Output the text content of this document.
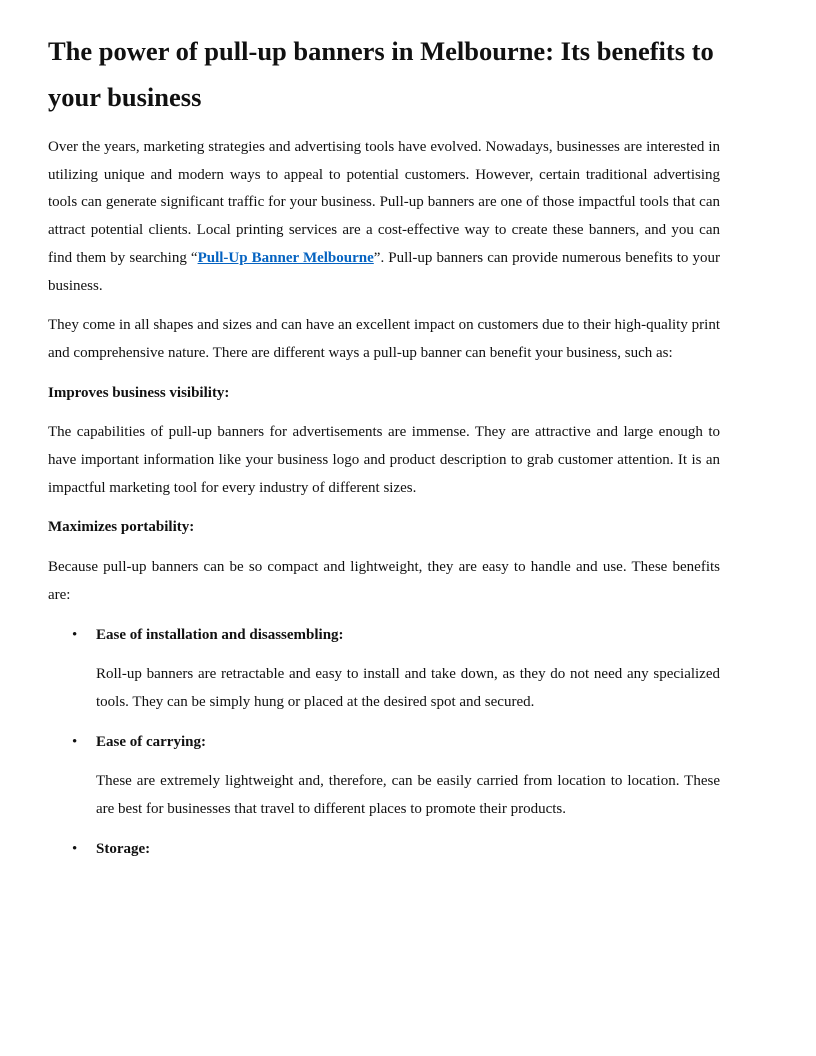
The power of pull-up banners in Melbourne: Its benefits to your business

Over the years, marketing strategies and advertising tools have evolved. Nowadays, businesses are interested in utilizing unique and modern ways to appeal to potential customers. However, certain traditional advertising tools can generate significant traffic for your business. Pull-up banners are one of those impactful tools that can attract potential clients. Local printing services are a cost-effective way to create these banners, and you can find them by searching “Pull-Up Banner Melbourne”. Pull-up banners can provide numerous benefits to your business.

They come in all shapes and sizes and can have an excellent impact on customers due to their high-quality print and comprehensive nature. There are different ways a pull-up banner can benefit your business, such as:

Improves business visibility:

The capabilities of pull-up banners for advertisements are immense. They are attractive and large enough to have important information like your business logo and product description to grab customer attention. It is an impactful marketing tool for every industry of different sizes.

Maximizes portability:

Because pull-up banners can be so compact and lightweight, they are easy to handle and use. These benefits are:

• Ease of installation and disassembling:

Roll-up banners are retractable and easy to install and take down, as they do not need any specialized tools. They can be simply hung or placed at the desired spot and secured.

• Ease of carrying:

These are extremely lightweight and, therefore, can be easily carried from location to location. These are best for businesses that travel to different places to promote their products.

• Storage:
